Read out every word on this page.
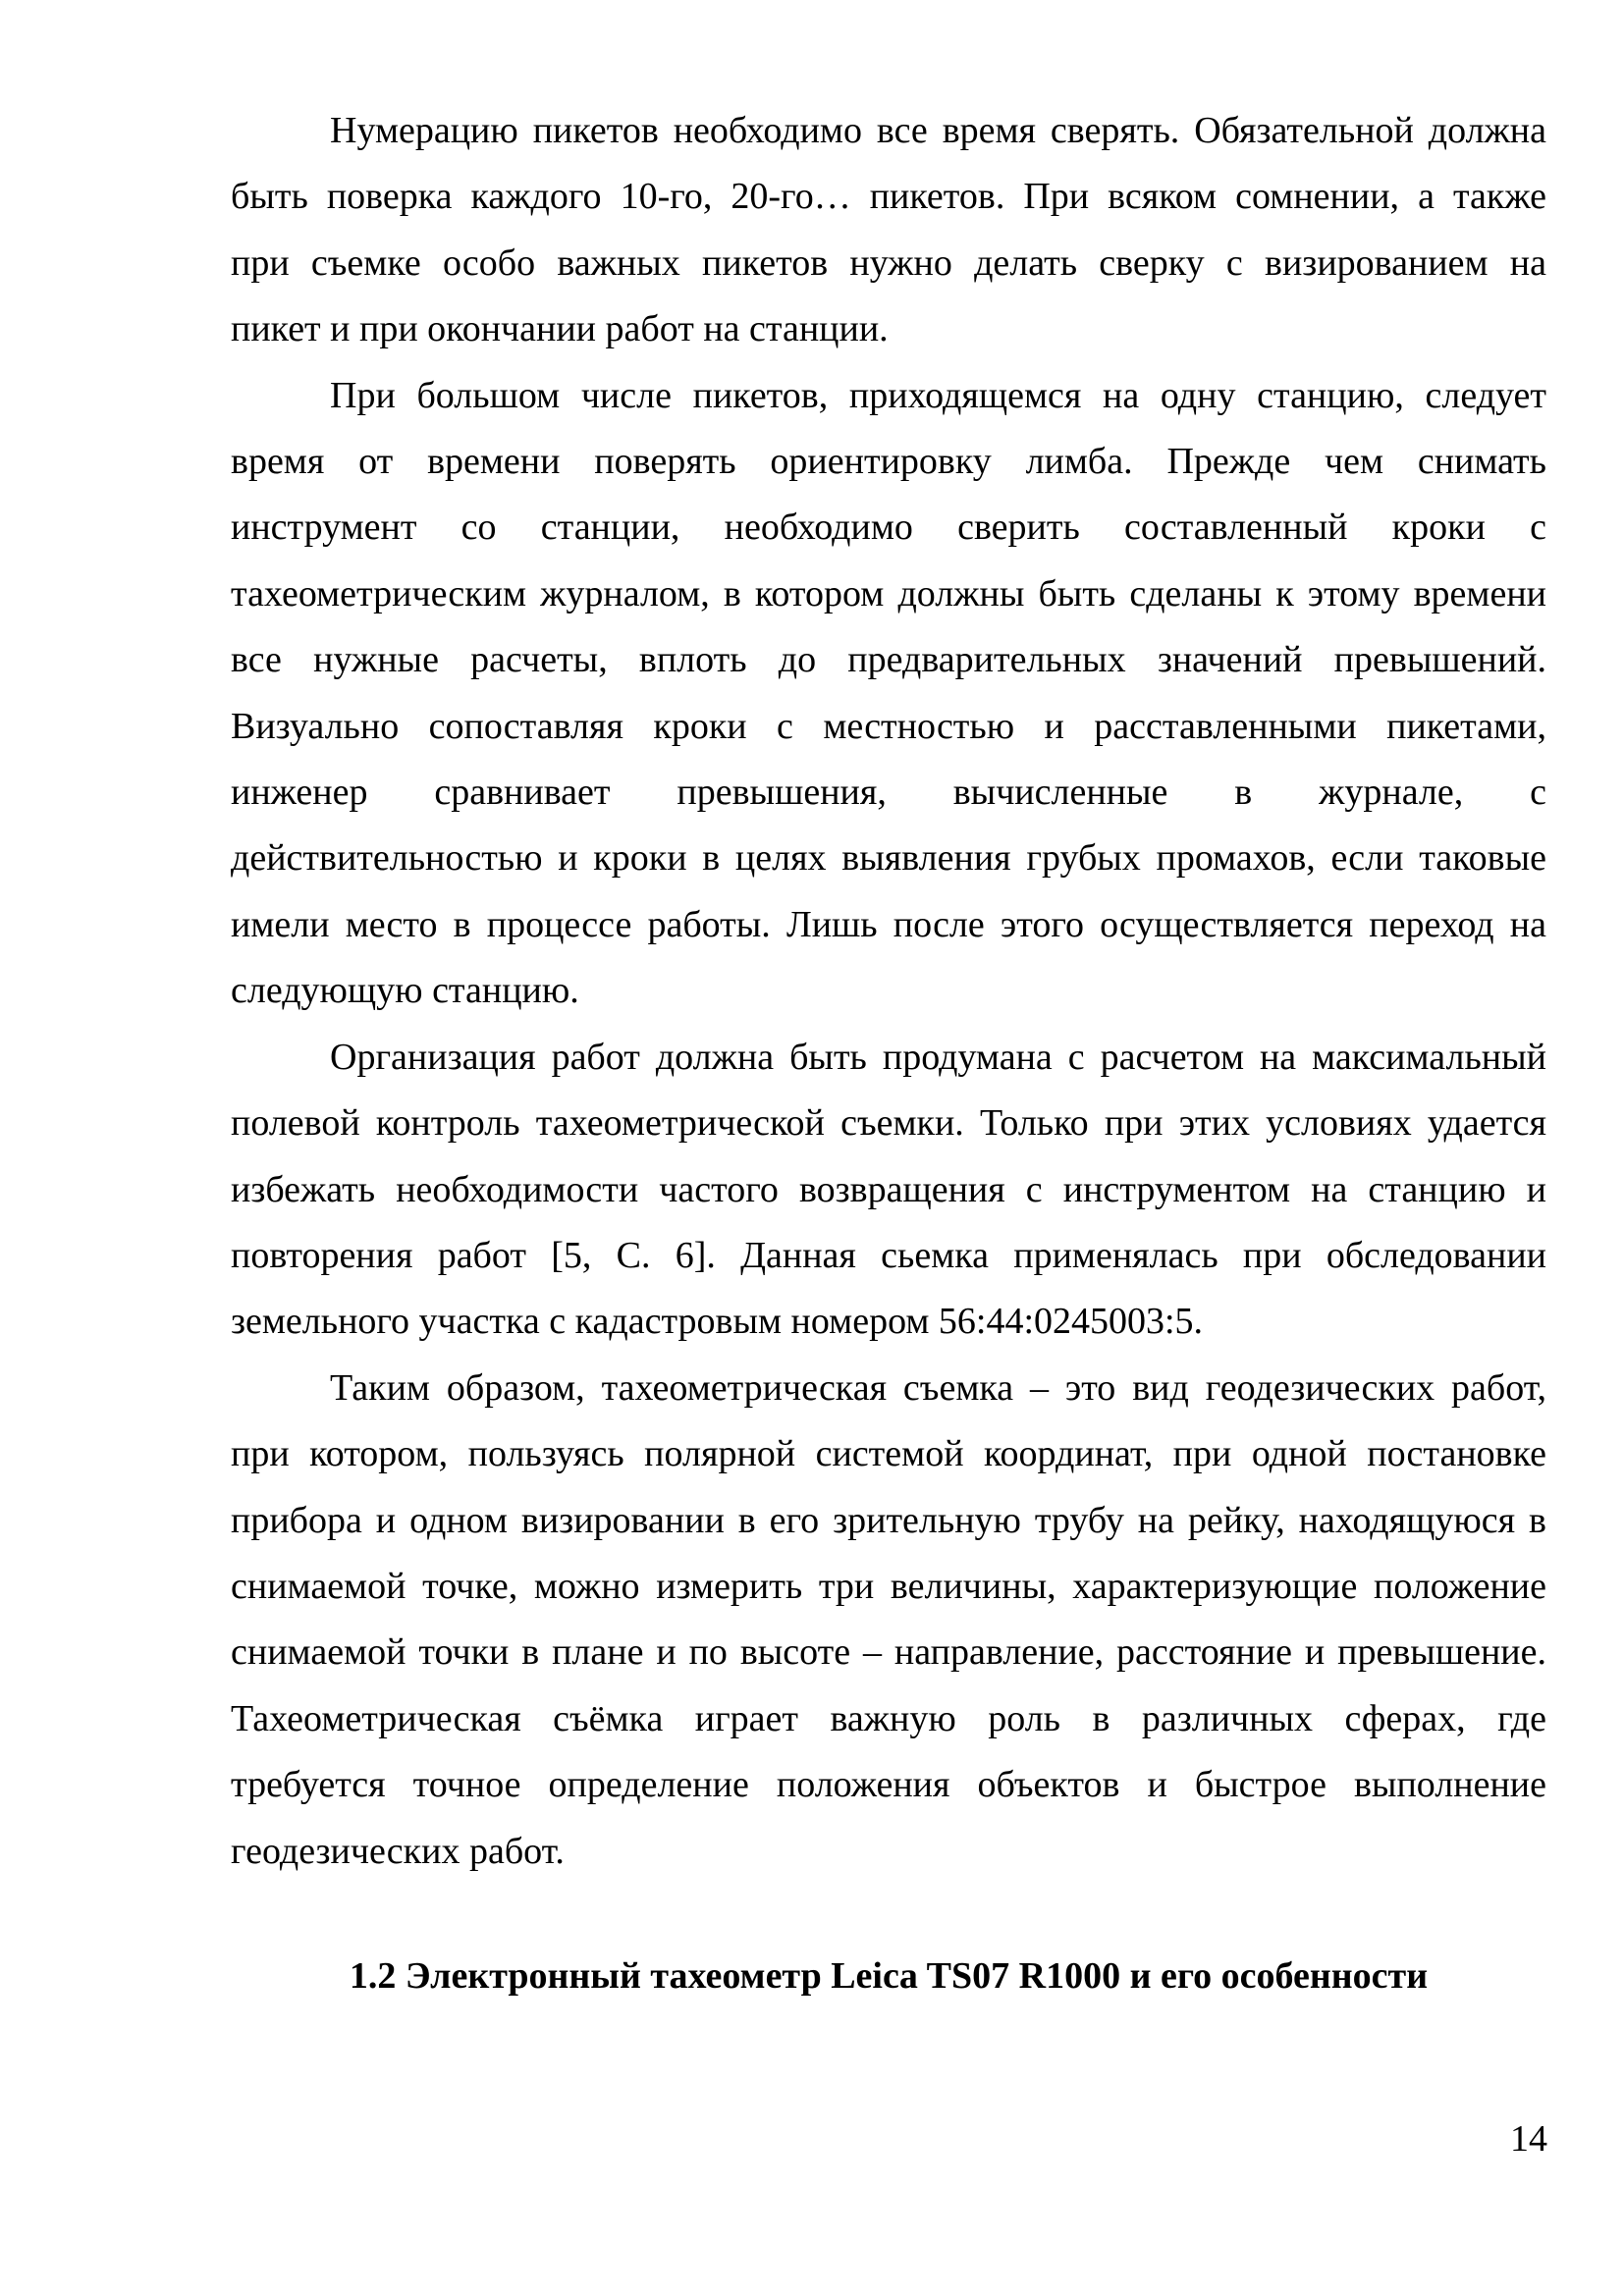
Нумерацию пикетов необходимо все время сверять. Обязательной должна
быть поверка каждого 10-го, 20-го… пикетов. При всяком сомнении, а также
при съемке особо важных пикетов нужно делать сверку с визированием на
пикет и при окончании работ на станции.
При большом числе пикетов, приходящемся на одну станцию, следует
время от времени поверять ориентировку лимба. Прежде чем снимать
инструмент со станции, необходимо сверить составленный кроки с
тахеометрическим журналом, в котором должны быть сделаны к этому времени
все нужные расчеты, вплоть до предварительных значений превышений.
Визуально сопоставляя кроки с местностью и расставленными пикетами,
инженер сравнивает превышения, вычисленные в журнале, с
действительностью и кроки в целях выявления грубых промахов, если таковые
имели место в процессе работы. Лишь после этого осуществляется переход на
следующую станцию.
Организация работ должна быть продумана с расчетом на максимальный
полевой контроль тахеометрической съемки. Только при этих условиях удается
избежать необходимости частого возвращения с инструментом на станцию и
повторения работ [5, С. 6]. Данная сьемка применялась при обследовании
земельного участка с кадастровым номером 56:44:0245003:5.
Таким образом, тахеометрическая съемка – это вид геодезических работ,
при котором, пользуясь полярной системой координат, при одной постановке
прибора и одном визировании в его зрительную трубу на рейку, находящуюся в
снимаемой точке, можно измерить три величины, характеризующие положение
снимаемой точки в плане и по высоте – направление, расстояние и превышение.
Тахеометрическая съёмка играет важную роль в различных сферах, где
требуется точное определение положения объектов и быстрое выполнение
геодезических работ.
1.2 Электронный тахеометр Leica TS07 R1000 и его особенности
14
